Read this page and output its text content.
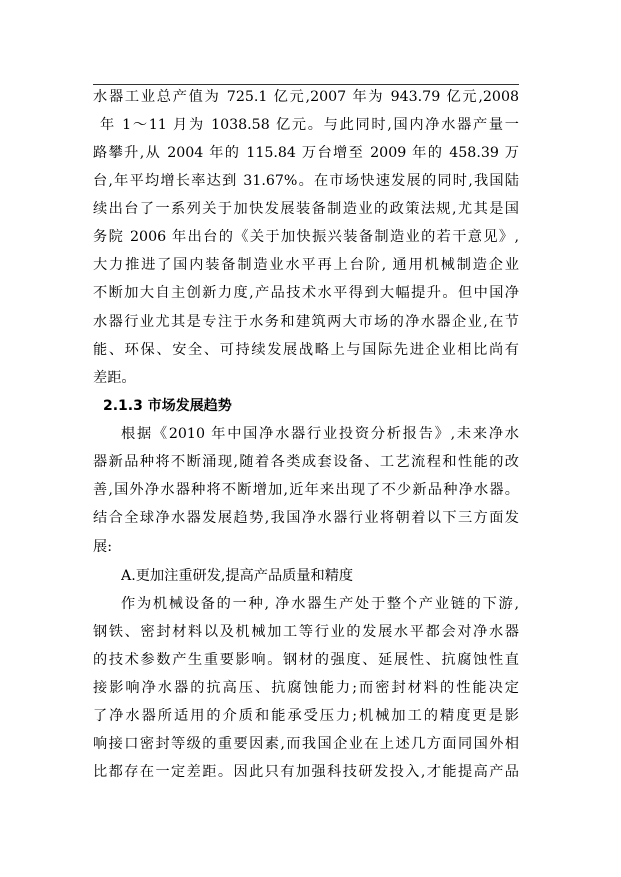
水器工业总产值为 725.1 亿元,2007 年为 943.79 亿元,2008
年 1～11 月为 1038.58 亿元。与此同时,国内净水器产量一
路攀升,从 2004 年的 115.84 万台增至 2009 年的 458.39 万
台,年平均增长率达到 31.67%。在市场快速发展的同时,我国陆
续出台了一系列关于加快发展装备制造业的政策法规,尤其是国
务院 2006 年出台的《关于加快振兴装备制造业的若干意见》,
大力推进了国内装备制造业水平再上台阶, 通用机械制造企业
不断加大自主创新力度,产品技术水平得到大幅提升。但中国净
水器行业尤其是专注于水务和建筑两大市场的净水器企业,在节
能、环保、安全、可持续发展战略上与国际先进企业相比尚有
差距。
2.1.3 市场发展趋势
根据《2010 年中国净水器行业投资分析报告》,未来净水
器新品种将不断涌现,随着各类成套设备、工艺流程和性能的改
善,国外净水器种将不断增加,近年来出现了不少新品种净水器。
结合全球净水器发展趋势,我国净水器行业将朝着以下三方面发
展:
A.更加注重研发,提高产品质量和精度
作为机械设备的一种, 净水器生产处于整个产业链的下游,
钢铁、密封材料以及机械加工等行业的发展水平都会对净水器
的技术参数产生重要影响。钢材的强度、延展性、抗腐蚀性直
接影响净水器的抗高压、抗腐蚀能力;而密封材料的性能决定
了净水器所适用的介质和能承受压力;机械加工的精度更是影
响接口密封等级的重要因素,而我国企业在上述几方面同国外相
比都存在一定差距。因此只有加强科技研发投入,才能提高产品
